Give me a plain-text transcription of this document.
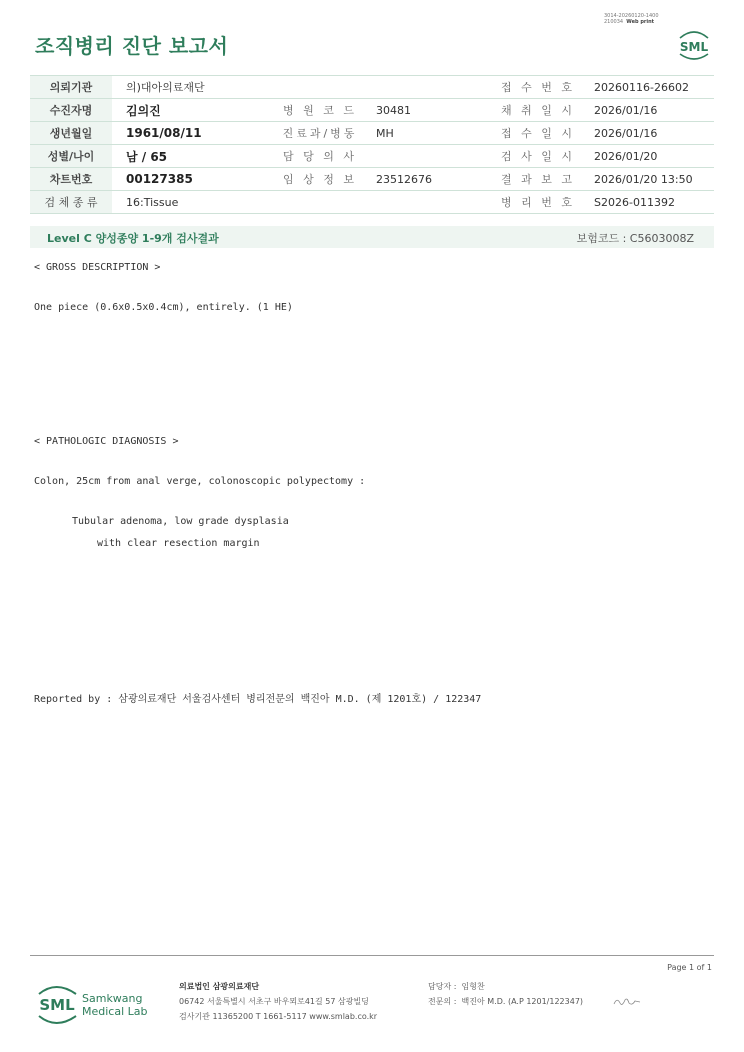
3014-20260120-1400
210034 Web print
조직병리 진단 보고서	SML
의뢰기관	의)대아의료재단			접 수 번 호	20260116-26602
수진자명	김의진	병 원 코 드	30481	채 취 일 시	2026/01/16
생년월일	1961/08/11	진료과/병동	MH	접 수 일 시	2026/01/16
성별/나이	남 / 65	담 당 의 사		검 사 일 시	2026/01/20
차트번호	00127385	임 상 정 보	23512676	결 과 보 고	2026/01/20 13:50
검 체 종 류	16:Tissue			병 리 번 호	S2026-011392
Level C 양성종양 1-9개 검사결과	보험코드 : C5603008Z
< GROSS DESCRIPTION >
One piece (0.6x0.5x0.4cm), entirely. (1 HE)
< PATHOLOGIC DIAGNOSIS >
Colon, 25cm from anal verge, colonoscopic polypectomy :
Tubular adenoma, low grade dysplasia
with clear resection margin
Reported by : 삼광의료재단 서울검사센터 병리전문의 백진아 M.D. (제 1201호) / 122347
Page 1 of 1
SML Samkwang
Medical Lab
의료법인 삼광의료재단
06742 서울특별시 서초구 바우뫼로41길 57 삼광빌딩
검사기관 11365200 T 1661-5117 www.smlab.co.kr
담당자 : 임형찬
전문의 : 백진아 M.D. (A.P 1201/122347)
